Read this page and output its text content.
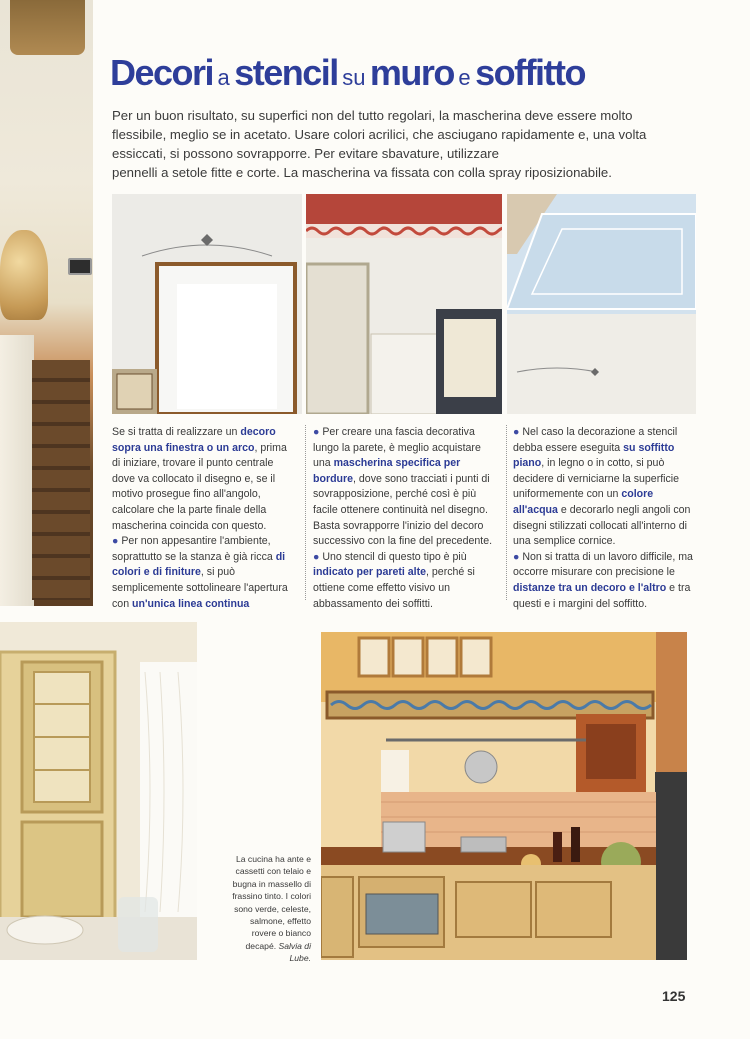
Decori a stencil su muro e soffitto
Per un buon risultato, su superfici non del tutto regolari, la mascherina deve essere molto
flessibile, meglio se in acetato. Usare colori acrilici, che asciugano rapidamente e, una volta
essiccati, si possono sovrapporre. Per evitare sbavature, utilizzare
pennelli a setole fitte e corte. La mascherina va fissata con colla spray riposizionabile.
Se si tratta di realizzare un decoro sopra una finestra o un arco, prima di iniziare, trovare il punto centrale dove va collocato il disegno e, se il motivo prosegue fino all'angolo, calcolare che la parte finale della mascherina coincida con questo.
● Per non appesantire l'ambiente, soprattutto se la stanza è già ricca di colori e di finiture, si può semplicemente sottolineare l'apertura con un'unica linea continua
● Per creare una fascia decorativa lungo la parete, è meglio acquistare una mascherina specifica per bordure, dove sono tracciati i punti di sovrapposizione, perché così è più facile ottenere continuità nel disegno. Basta sovrapporre l'inizio del decoro successivo con la fine del precedente.
● Uno stencil di questo tipo è più indicato per pareti alte, perché si ottiene come effetto visivo un abbassamento dei soffitti.
● Nel caso la decorazione a stencil debba essere eseguita su soffitto piano, in legno o in cotto, si può decidere di verniciarne la superficie uniformemente con un colore all'acqua e decorarlo negli angoli con disegni stilizzati collocati all'interno di una semplice cornice.
● Non si tratta di un lavoro difficile, ma occorre misurare con precisione le distanze tra un decoro e l'altro e tra questi e i margini del soffitto.
La cucina ha ante e cassetti con telaio e bugna in massello di frassino tinto. I colori sono verde, celeste, salmone, effetto rovere o bianco decapé. Salvia di Lube.
125
